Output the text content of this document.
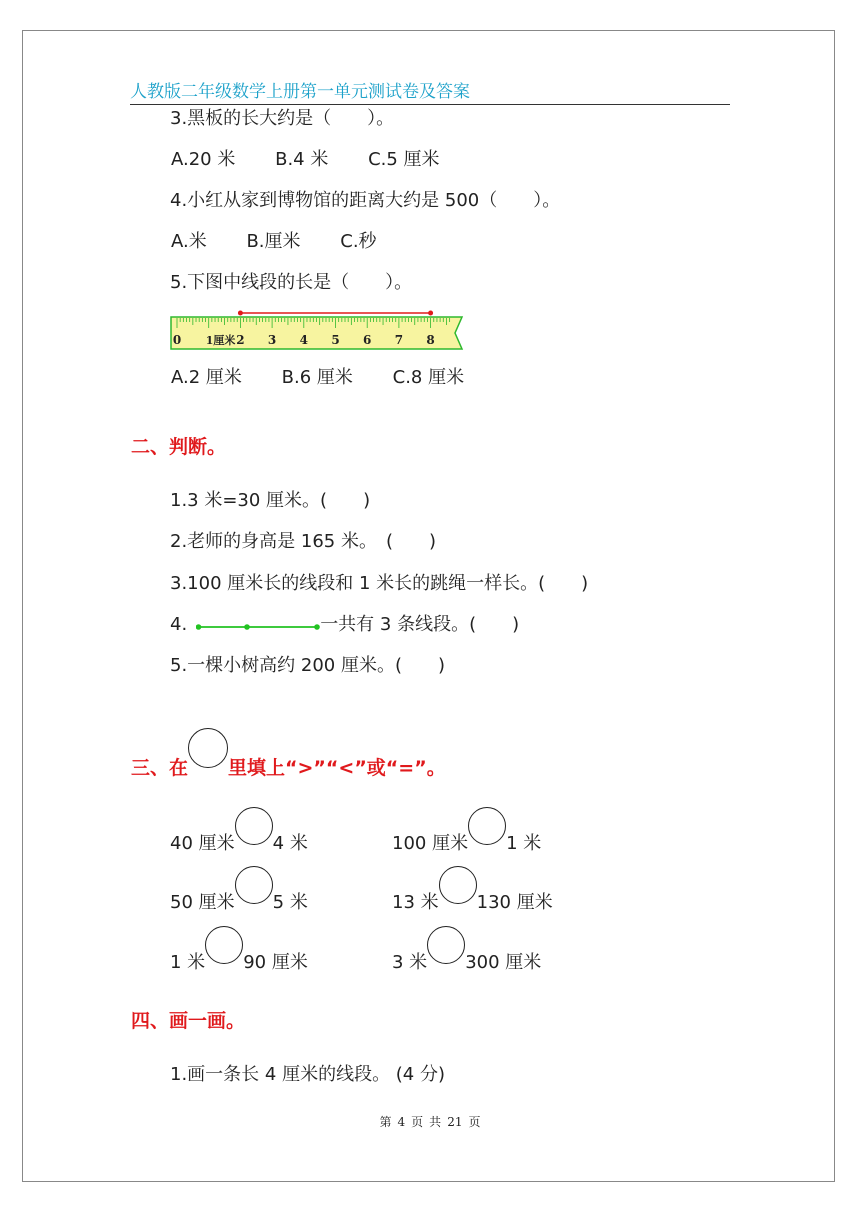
人教版二年级数学上册第一单元测试卷及答案
3.黑板的长大约是（　　）。
A.20 米 B.4 米 C.5 厘米
4.小红从家到博物馆的距离大约是 500（　　）。
A.米 B.厘米 C.秒
5.下图中线段的长是（　　）。
0 1厘米 2 3 4 5 6 7 8
A.2 厘米 B.6 厘米 C.8 厘米
二、判断。
1.3 米=30 厘米。(　　)
2.老师的身高是 165 米。　(　　)
3.100 厘米长的线段和 1 米长的跳绳一样长。(　　)
4.	一共有 3 条线段。(　　)
5.一棵小树高约 200 厘米。(　　)
三、在 里填上“>”“<”或“=”。
40 厘米 4 米	100 厘米 1 米
50 厘米 5 米	13 米 130 厘米
1 米 90 厘米	3 米 300 厘米
四、画一画。
1.画一条长 4 厘米的线段。 (4 分)
第 4 页 共 21 页
